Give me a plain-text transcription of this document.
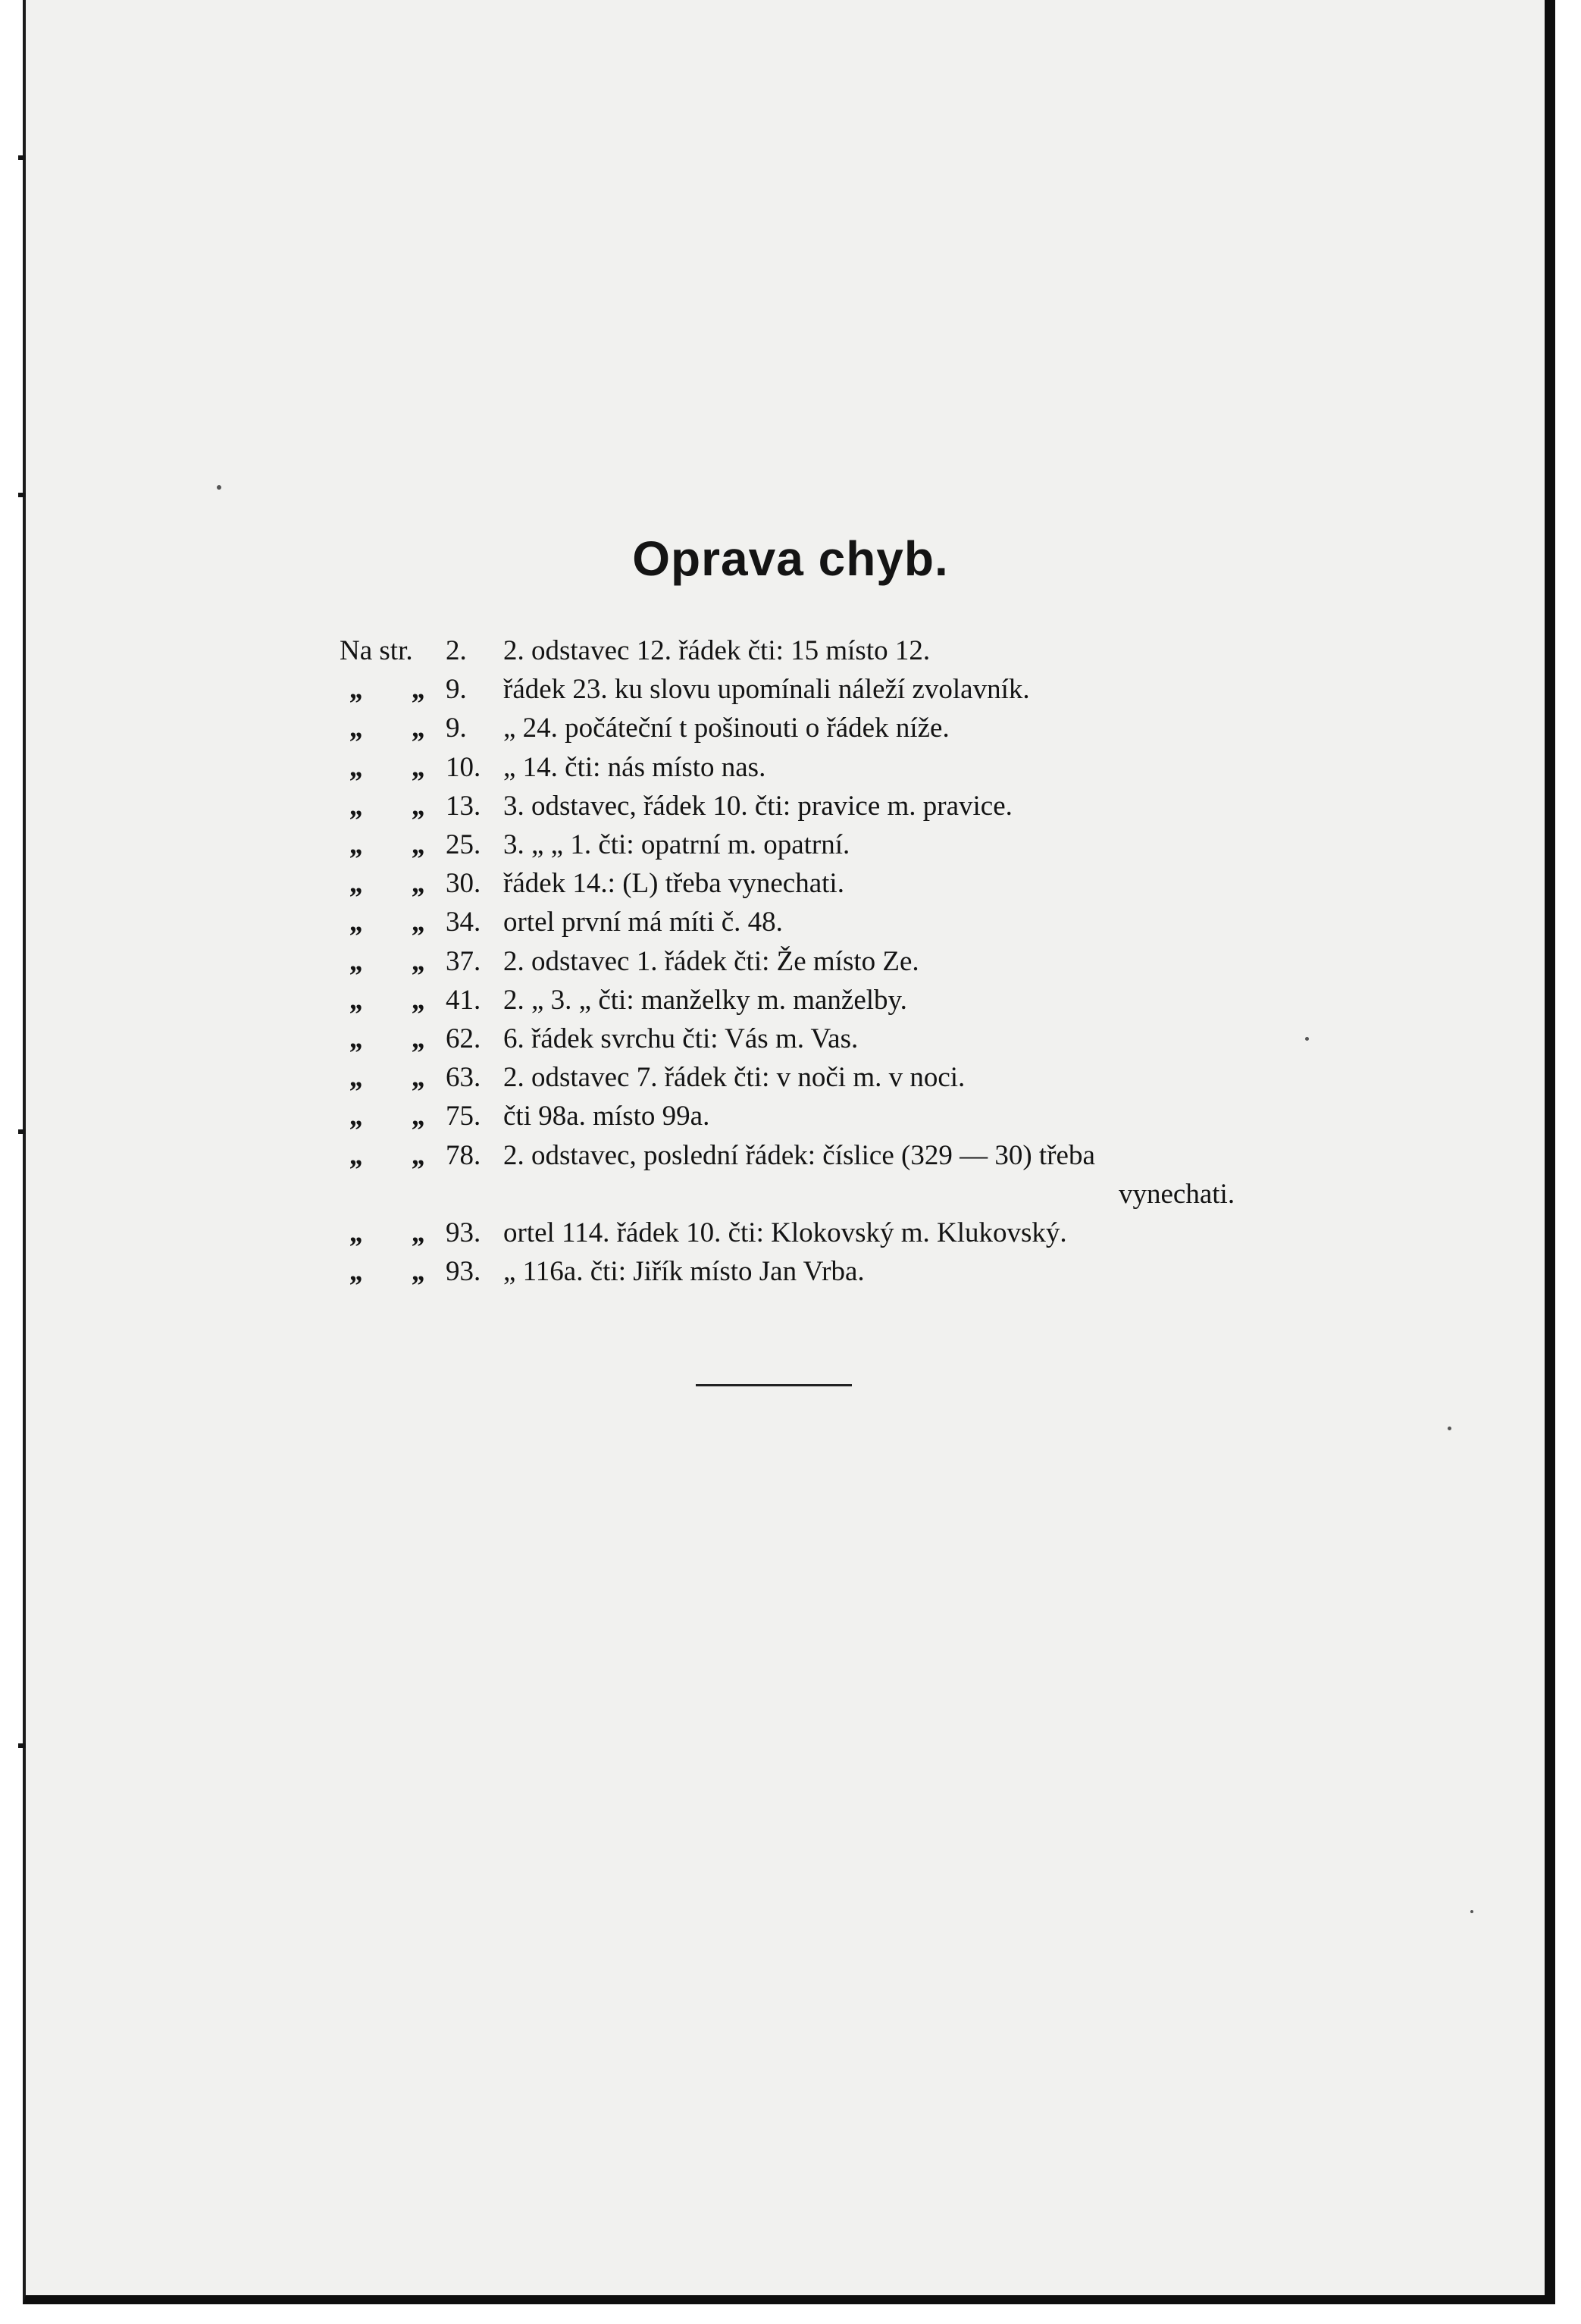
Oprava chyb.
Na str. 2. 2. odstavec 12. řádek čti: 15 místo 12.
„ „ 9. řádek 23. ku slovu upomínali náleží zvolavník.
„ „ 9. „ 24. počáteční t pošinouti o řádek níže.
„ „ 10. „ 14. čti: nás místo nas.
„ „ 13. 3. odstavec, řádek 10. čti: pravice m. pravice.
„ „ 25. 3. „ „ 1. čti: opatrní m. opatrní.
„ „ 30. řádek 14.: (L) třeba vynechati.
„ „ 34. ortel první má míti č. 48.
„ „ 37. 2. odstavec 1. řádek čti: Že místo Ze.
„ „ 41. 2. „ 3. „ čti: manželky m. manželby.
„ „ 62. 6. řádek svrchu čti: Vás m. Vas.
„ „ 63. 2. odstavec 7. řádek čti: v noči m. v noci.
„ „ 75. čti 98a. místo 99a.
„ „ 78. 2. odstavec, poslední řádek: číslice (329 — 30) třeba
vynechati.
„ „ 93. ortel 114. řádek 10. čti: Klokovský m. Klukovský.
„ „ 93. „ 116a. čti: Jiřík místo Jan Vrba.
